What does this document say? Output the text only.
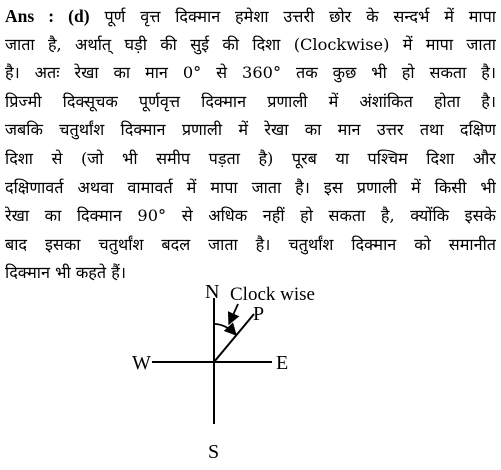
Ans : (d) पूर्ण वृत्त दिक्मान हमेशा उत्तरी छोर के सन्दर्भ में मापा
जाता है, अर्थात् घड़ी की सुई की दिशा (Clockwise) में मापा जाता
है। अतः रेखा का मान 0° से 360° तक कुछ भी हो सकता है।
प्रिज्मी दिक्सूचक पूर्णवृत्त दिक्मान प्रणाली में अंशांकित होता है।
जबकि चतुर्थांश दिक्मान प्रणाली में रेखा का मान उत्तर तथा दक्षिण
दिशा से (जो भी समीप पड़ता है) पूरब या पश्चिम दिशा और
दक्षिणावर्त अथवा वामावर्त में मापा जाता है। इस प्रणाली में किसी भी
रेखा का दिक्मान 90° से अधिक नहीं हो सकता है, क्योंकि इसके
बाद इसका चतुर्थांश बदल जाता है। चतुर्थांश दिक्मान को समानीत
दिक्मान भी कहते हैं।
N
S
E
W
P
Clock wise
